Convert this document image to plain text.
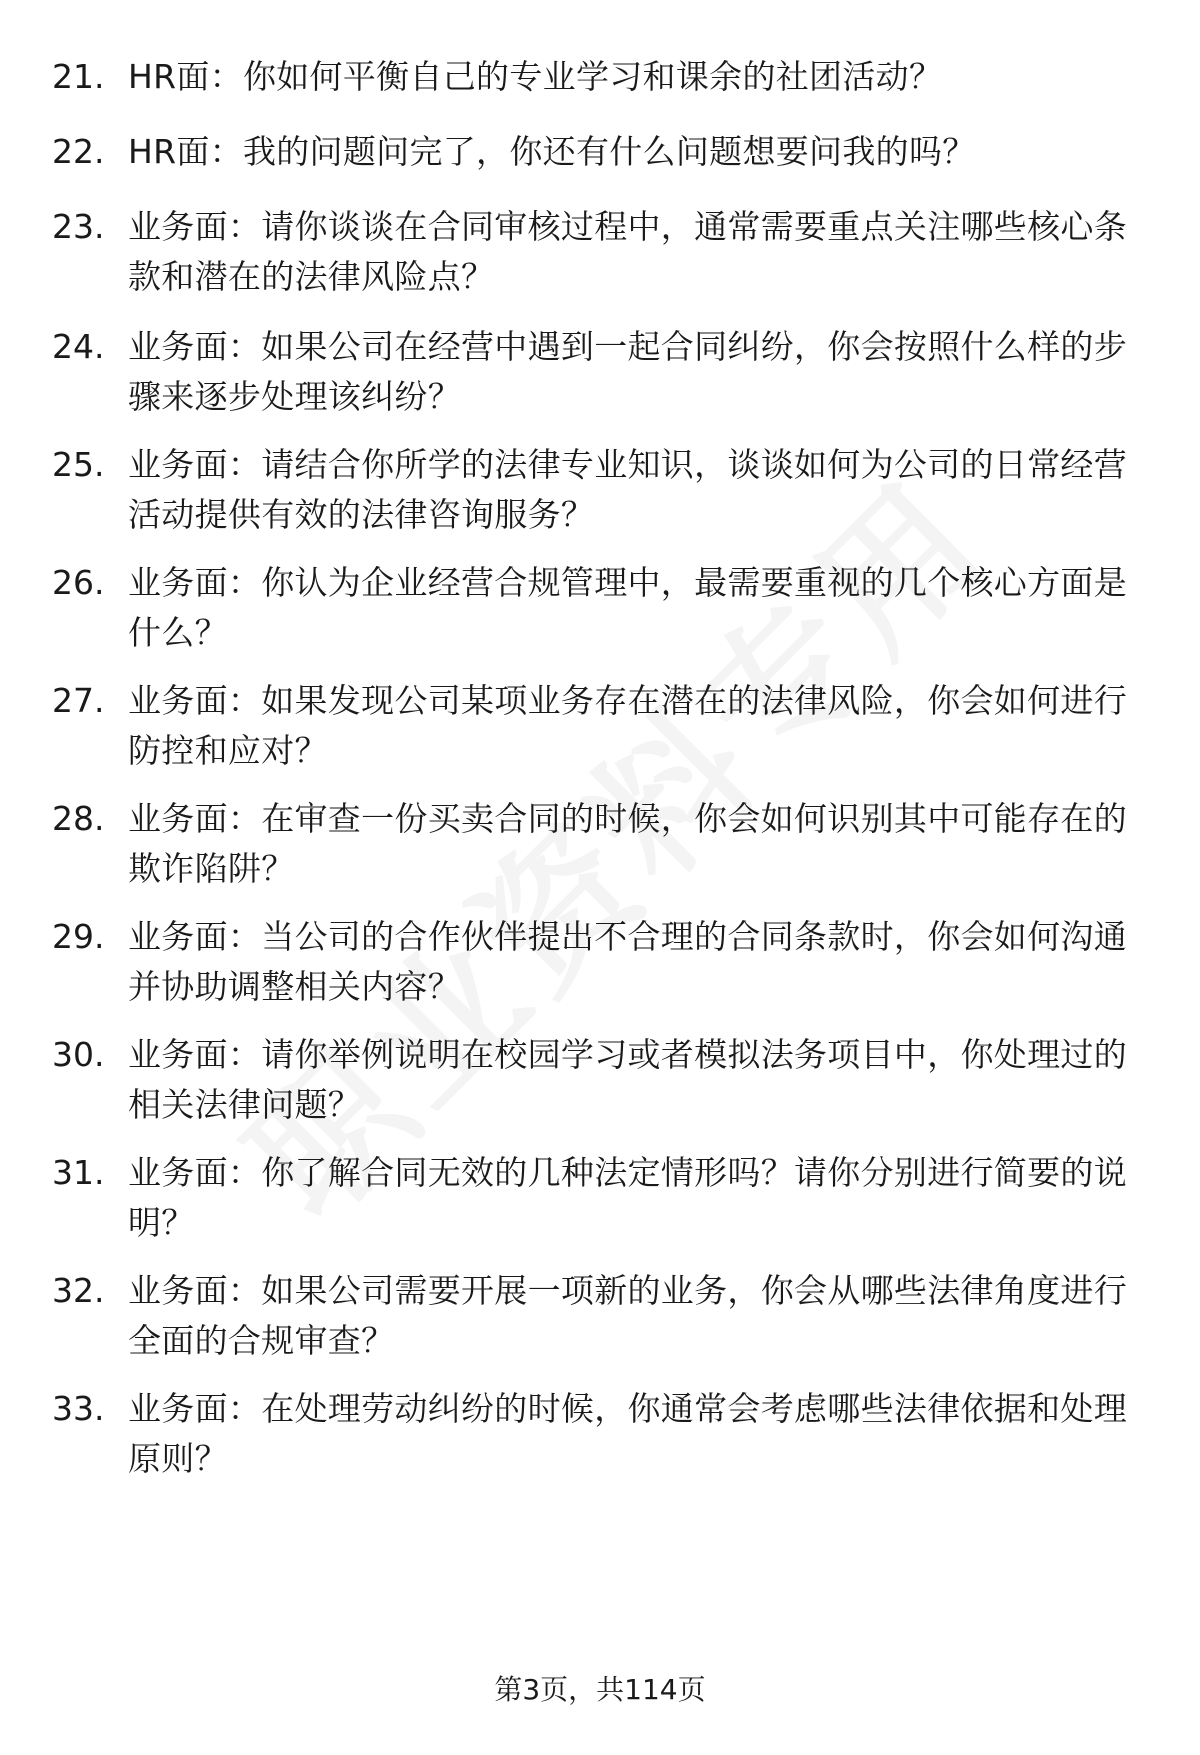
21. HR面：你如何平衡自己的专业学习和课余的社团活动？
22. HR面：我的问题问完了，你还有什么问题想要问我的吗？
23. 业务面：请你谈谈在合同审核过程中，通常需要重点关注哪些核心条款和潜在的法律风险点？
24. 业务面：如果公司在经营中遇到一起合同纠纷，你会按照什么样的步骤来逐步处理该纠纷？
25. 业务面：请结合你所学的法律专业知识，谈谈如何为公司的日常经营活动提供有效的法律咨询服务？
26. 业务面：你认为企业经营合规管理中，最需要重视的几个核心方面是什么？
27. 业务面：如果发现公司某项业务存在潜在的法律风险，你会如何进行防控和应对？
28. 业务面：在审查一份买卖合同的时候，你会如何识别其中可能存在的欺诈陷阱？
29. 业务面：当公司的合作伙伴提出不合理的合同条款时，你会如何沟通并协助调整相关内容？
30. 业务面：请你举例说明在校园学习或者模拟法务项目中，你处理过的相关法律问题？
31. 业务面：你了解合同无效的几种法定情形吗？请你分别进行简要的说明？
32. 业务面：如果公司需要开展一项新的业务，你会从哪些法律角度进行全面的合规审查？
33. 业务面：在处理劳动纠纷的时候，你通常会考虑哪些法律依据和处理原则？
第3页，共114页
